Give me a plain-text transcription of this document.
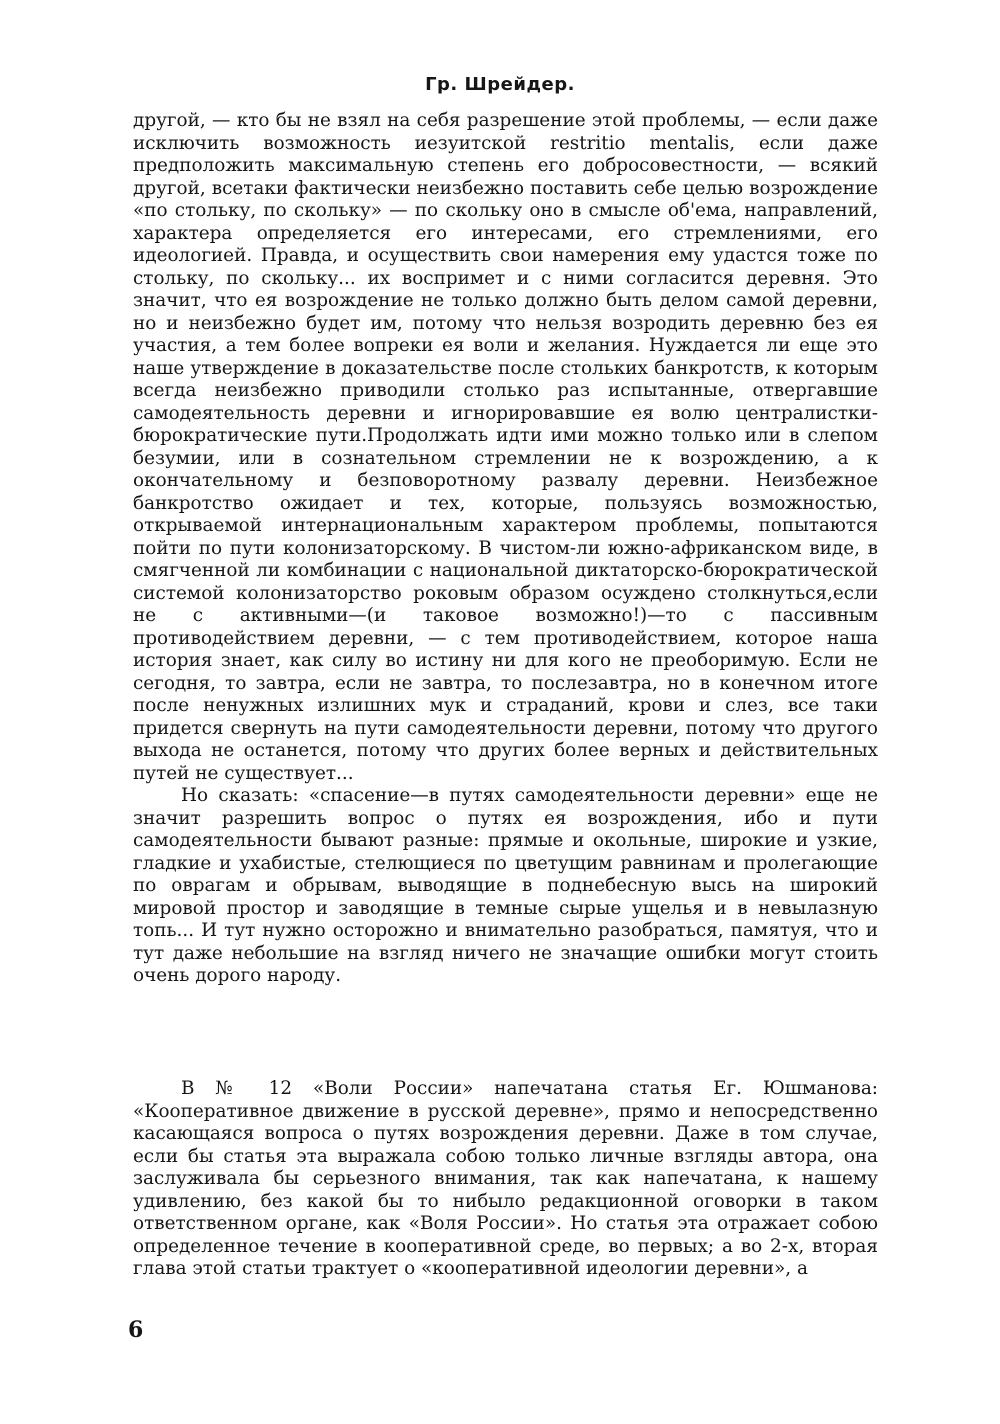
Гр. Шрейдер.

другой, — кто бы не взял на себя разрешение этой проблемы, — если даже исключить возможность иезуитской restritio mentalis, если даже предположить максимальную степень его добросовестности, — всякий другой, всетаки фактически неизбежно поставить себе целью возрождение «по стольку, по скольку» — по скольку оно в смысле об'ема, направлений, характера определяется его интересами, его стремлениями, его идеологией. Правда, и осуществить свои намерения ему удастся тоже по стольку, по скольку... их воспримет и с ними согласится деревня. Это значит, что ея возрождение не только должно быть делом самой деревни, но и неизбежно будет им, потому что нельзя возродить деревню без ея участия, а тем более вопреки ея воли и желания. Нуждается ли еще это наше утверждение в доказательстве после стольких банкротств, к которым всегда неизбежно приводили столько раз испытанные, отвергавшие самодеятельность деревни и игнорировавшие ея волю централистки-бюрократические пути.Продолжать идти ими можно только или в слепом безумии, или в сознательном стремлении не к возрождению, а к окончательному и безповоротному развалу деревни. Неизбежное банкротство ожидает и тех, которые, пользуясь возможностью, открываемой интернациональным характером проблемы, попытаются пойти по пути колонизаторскому. В чистом-ли южно-африканском виде, в смягченной ли комбинации с национальной диктаторско-бюрократической системой колонизаторство роковым образом осуждено столкнуться,если не с активными—(и таковое возможно!)—то с пассивным противодействием деревни, — с тем противодействием, которое наша история знает, как силу во истину ни для кого не преоборимую. Если не сегодня, то завтра, если не завтра, то послезавтра, но в конечном итоге после ненужных излишних мук и страданий, крови и слез, все таки придется свернуть на пути самодеятельности деревни, потому что другого выхода не останется, потому что других более верных и действительных путей не существует...

Но сказать: «спасение—в путях самодеятельности деревни» еще не значит разрешить вопрос о путях ея возрождения, ибо и пути самодеятельности бывают разные: прямые и окольные, широкие и узкие, гладкие и ухабистые, стелющиеся по цветущим равнинам и пролегающие по оврагам и обрывам, выводящие в поднебесную высь на широкий мировой простор и заводящие в темные сырые ущелья и в невылазную топь... И тут нужно осторожно и внимательно разобраться, памятуя, что и тут даже небольшие на взгляд ничего не значащие ошибки могут стоить очень дорого народу.

В № 12 «Воли России» напечатана статья Ег. Юшманова: «Кооперативное движение в русской деревне», прямо и непосредственно касающаяся вопроса о путях возрождения деревни. Даже в том случае, если бы статья эта выражала собою только личные взгляды автора, она заслуживала бы серьезного внимания, так как напечатана, к нашему удивлению, без какой бы то нибыло редакционной оговорки в таком ответственном органе, как «Воля России». Но статья эта отражает собою определенное течение в кооперативной среде, во первых; а во 2-х, вторая глава этой статьи трактует о «кооперативной идеологии деревни», а

6
